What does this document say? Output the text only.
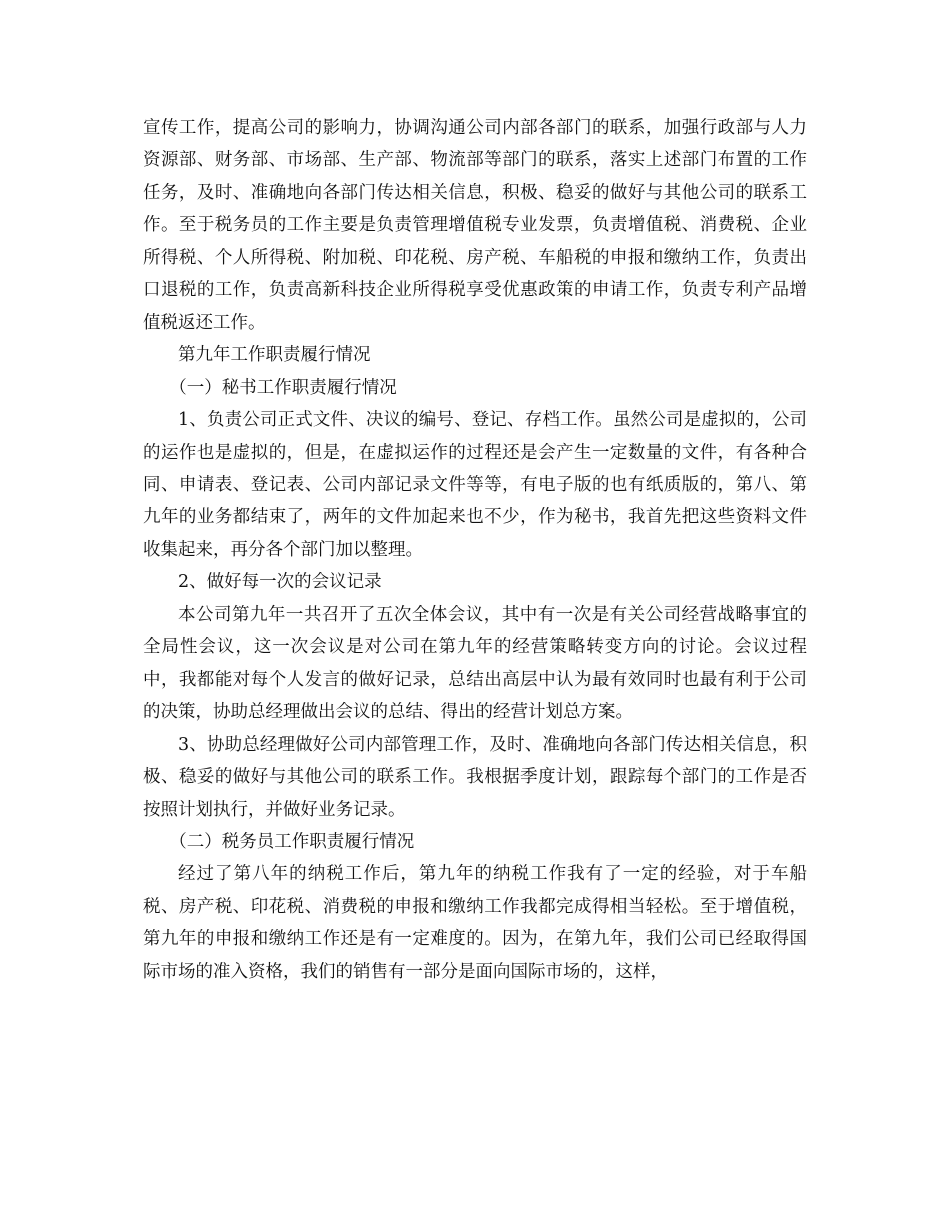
宣传工作，提高公司的影响力，协调沟通公司内部各部门的联系，加强行政部与人力资源部、财务部、市场部、生产部、物流部等部门的联系，落实上述部门布置的工作任务，及时、准确地向各部门传达相关信息，积极、稳妥的做好与其他公司的联系工作。至于税务员的工作主要是负责管理增值税专业发票，负责增值税、消费税、企业所得税、个人所得税、附加税、印花税、房产税、车船税的申报和缴纳工作，负责出口退税的工作，负责高新科技企业所得税享受优惠政策的申请工作，负责专利产品增值税返还工作。

第九年工作职责履行情况

（一）秘书工作职责履行情况

1、负责公司正式文件、决议的编号、登记、存档工作。虽然公司是虚拟的，公司的运作也是虚拟的，但是，在虚拟运作的过程还是会产生一定数量的文件，有各种合同、申请表、登记表、公司内部记录文件等等，有电子版的也有纸质版的，第八、第九年的业务都结束了，两年的文件加起来也不少，作为秘书，我首先把这些资料文件收集起来，再分各个部门加以整理。

2、做好每一次的会议记录

本公司第九年一共召开了五次全体会议，其中有一次是有关公司经营战略事宜的全局性会议，这一次会议是对公司在第九年的经营策略转变方向的讨论。会议过程中，我都能对每个人发言的做好记录，总结出高层中认为最有效同时也最有利于公司的决策，协助总经理做出会议的总结、得出的经营计划总方案。

3、协助总经理做好公司内部管理工作，及时、准确地向各部门传达相关信息，积极、稳妥的做好与其他公司的联系工作。我根据季度计划，跟踪每个部门的工作是否按照计划执行，并做好业务记录。

（二）税务员工作职责履行情况

经过了第八年的纳税工作后，第九年的纳税工作我有了一定的经验，对于车船税、房产税、印花税、消费税的申报和缴纳工作我都完成得相当轻松。至于增值税，第九年的申报和缴纳工作还是有一定难度的。因为，在第九年，我们公司已经取得国际市场的准入资格，我们的销售有一部分是面向国际市场的，这样，
